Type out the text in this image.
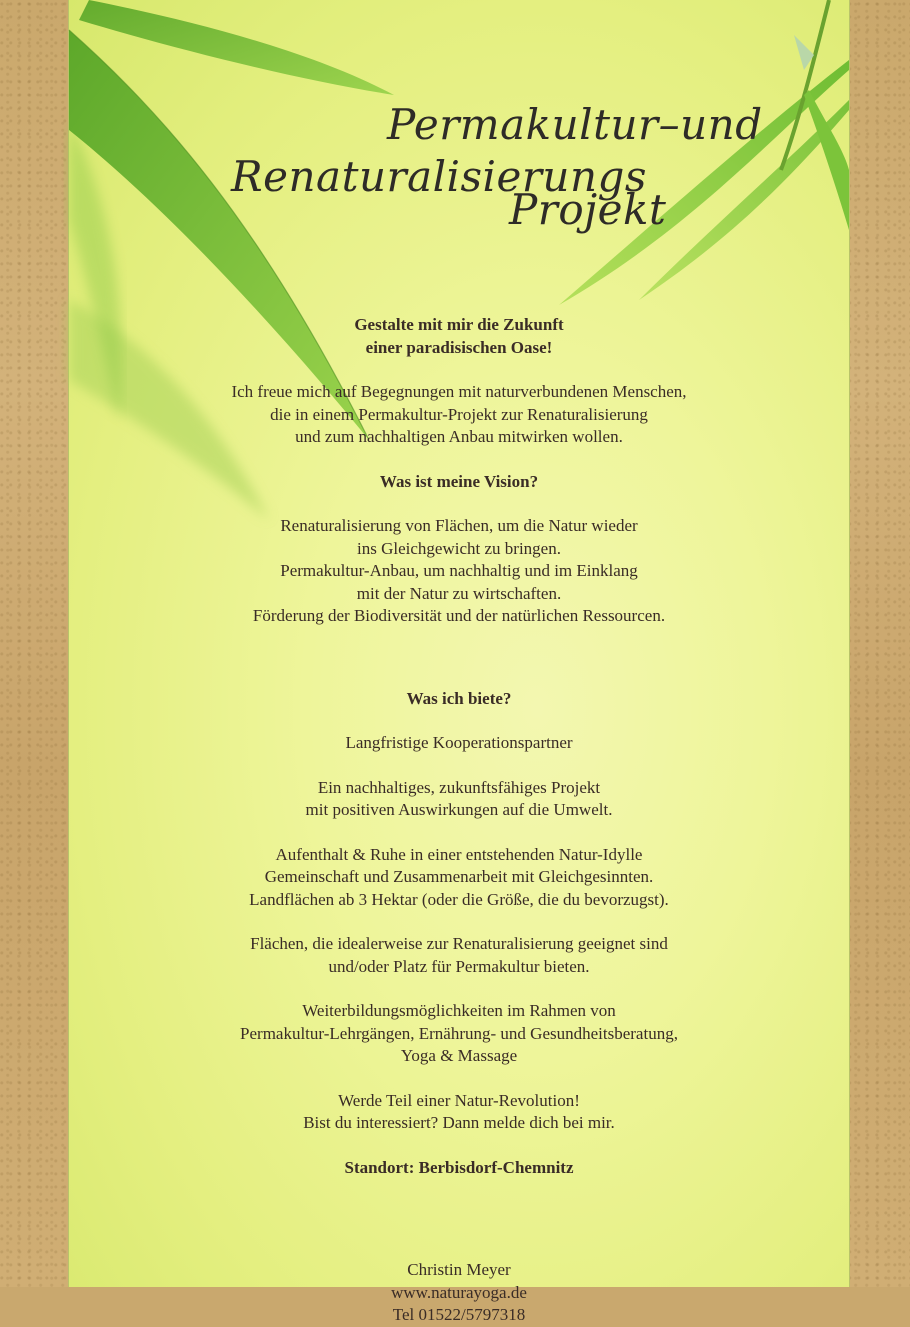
Permakultur–und
Renaturalisierungs
Projekt

Gestalte mit mir die Zukunft

einer paradisischen Oase!

Ich freue mich auf Begegnungen mit naturverbundenen Menschen,

die in einem Permakultur-Projekt zur Renaturalisierung

und zum nachhaltigen Anbau mitwirken wollen.

Was ist meine Vision?

Renaturalisierung von Flächen, um die Natur wieder

ins Gleichgewicht zu bringen.

Permakultur-Anbau, um nachhaltig und im Einklang

mit der Natur zu wirtschaften.

Förderung der Biodiversität und der natürlichen Ressourcen.

Was ich biete?

Langfristige Kooperationspartner

Ein nachhaltiges, zukunftsfähiges Projekt

mit positiven Auswirkungen auf die Umwelt.

Aufenthalt & Ruhe in einer entstehenden Natur-Idylle

Gemeinschaft und Zusammenarbeit mit Gleichgesinnten.

Landflächen ab 3 Hektar (oder die Größe, die du bevorzugst).

Flächen, die idealerweise zur Renaturalisierung geeignet sind

und/oder Platz für Permakultur bieten.

Weiterbildungsmöglichkeiten im Rahmen von

Permakultur-Lehrgängen, Ernährung- und Gesundheitsberatung,

Yoga & Massage

Werde Teil einer Natur-Revolution!

Bist du interessiert? Dann melde dich bei mir.

Standort: Berbisdorf-Chemnitz

Christin Meyer

www.naturayoga.de

Tel 01522/5797318
